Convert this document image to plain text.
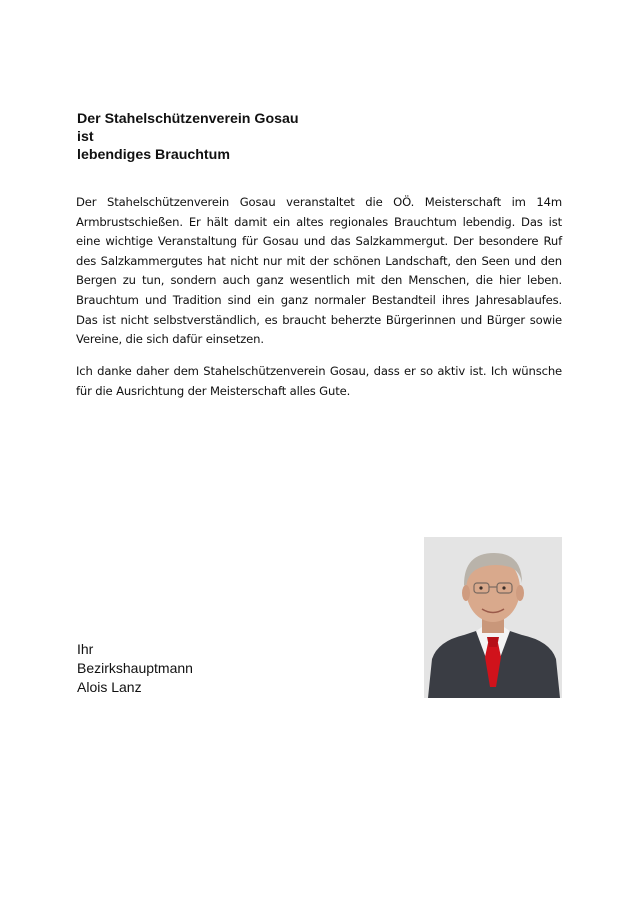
Der Stahelschützenverein Gosau
ist
lebendiges Brauchtum

Der Stahelschützenverein Gosau veranstaltet die OÖ. Meisterschaft im 14m Armbrustschießen. Er hält damit ein altes regionales Brauchtum lebendig. Das ist eine wichtige Veranstaltung für Gosau und das Salzkammergut. Der besondere Ruf des Salzkammergutes hat nicht nur mit der schönen Landschaft, den Seen und den Bergen zu tun, sondern auch ganz wesentlich mit den Menschen, die hier leben. Brauchtum und Tradition sind ein ganz normaler Bestandteil ihres Jahresablaufes. Das ist nicht selbstverständlich, es braucht beherzte Bürgerinnen und Bürger sowie Vereine, die sich dafür einsetzen.

Ich danke daher dem Stahelschützenverein Gosau, dass er so aktiv ist. Ich wünsche für die Ausrichtung der Meisterschaft alles Gute.

Ihr
Bezirkshauptmann
Alois Lanz
